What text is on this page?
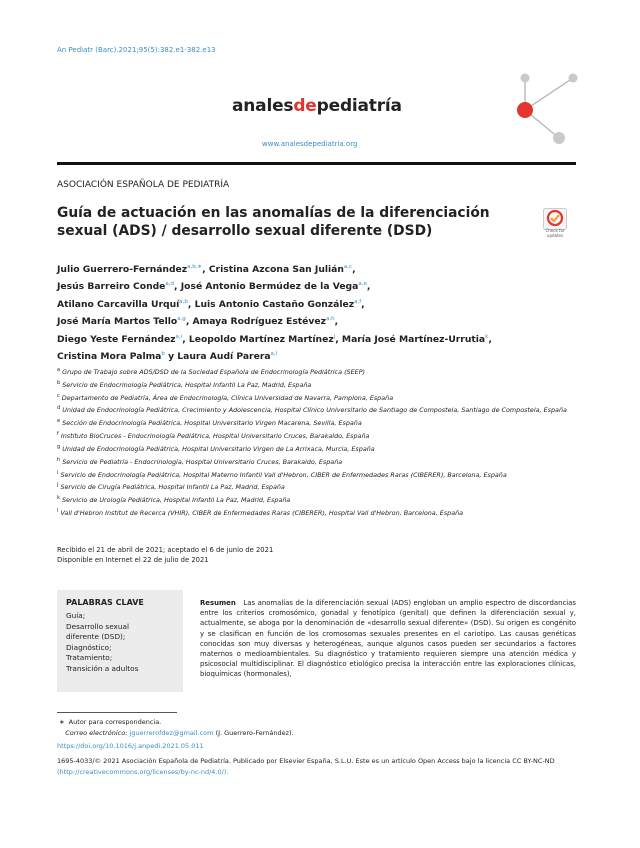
An Pediatr (Barc).2021;95(5):382.e1-382.e13
analesdepediatría
www.analesdepediatria.org
ASOCIACIÓN ESPAÑOLA DE PEDIATRÍA
Guía de actuación en las anomalías de la diferenciación sexual (ADS) / desarrollo sexual diferente (DSD)	Check for updates
Julio Guerrero-Fernández$^{a,b,∗}$, Cristina Azcona San Julián$^{a,c}$,
Jesús Barreiro Conde$^{a,d}$, José Antonio Bermúdez de la Vega$^{a,e}$,
Atilano Carcavilla Urquí$^{a,b}$, Luis Antonio Castaño González$^{a,f}$,
José María Martos Tello$^{a,g}$, Amaya Rodríguez Estévez$^{a,h}$,
Diego Yeste Fernández$^{a,i}$, Leopoldo Martínez Martínez$^j$, María José Martínez-Urrutia$^k$,
Cristina Mora Palma$^b$ y Laura Audí Parera$^{a,l}$
$^a$ Grupo de Trabajo sobre ADS/DSD de la Sociedad Española de Endocrinología Pediátrica (SEEP)
$^b$ Servicio de Endocrinología Pediátrica, Hospital Infantil La Paz, Madrid, España
$^c$ Departamento de Pediatría, Área de Endocrinología, Clínica Universidad de Navarra, Pamplona, España
$^d$ Unidad de Endocrinología Pediátrica, Crecimiento y Adolescencia, Hospital Clínico Universitario de Santiago de Compostela, Santiago de Compostela, España
$^e$ Sección de Endocrinología Pediátrica, Hospital Universitario Virgen Macarena, Sevilla, España
$^f$ Instituto BioCruces - Endocrinología Pediátrica, Hospital Universitario Cruces, Barakaldo, España
$^g$ Unidad de Endocrinología Pediátrica, Hospital Universitario Virgen de La Arrixaca, Murcia, España
$^h$ Servicio de Pediatría - Endocrinología, Hospital Universitario Cruces, Barakaldo, España
$^i$ Servicio de Endocrinología Pediátrica, Hospital Materno Infantil Vall d'Hebron, CIBER de Enfermedades Raras (CIBERER), Barcelona, España
$^j$ Servicio de Cirugía Pediátrica, Hospital Infantil La Paz, Madrid, España
$^k$ Servicio de Urología Pediátrica, Hospital Infantil La Paz, Madrid, España
$^l$ Vall d'Hebron Institut de Recerca (VHIR), CIBER de Enfermedades Raras (CIBERER), Hospital Vall d'Hebron, Barcelona, España
Recibido el 21 de abril de 2021; aceptado el 6 de junio de 2021
Disponible en Internet el 22 de julio de 2021
PALABRAS CLAVE
Guía;
Desarrollo sexual
diferente (DSD);
Diagnóstico;
Tratamiento;
Transición a adultos
Resumen Las anomalías de la diferenciación sexual (ADS) engloban un amplio espectro de discordancias entre los criterios cromosómico, gonadal y fenotípico (genital) que definen la diferenciación sexual y, actualmente, se aboga por la denominación de «desarrollo sexual diferente» (DSD). Su origen es congénito y se clasifican en función de los cromosomas sexuales presentes en el cariotipo. Las causas genéticas conocidas son muy diversas y heterogéneas, aunque algunos casos pueden ser secundarios a factores maternos o medioambientales. Su diagnóstico y tratamiento requieren siempre una atención médica y psicosocial multidisciplinar. El diagnóstico etiológico precisa la interacción entre las exploraciones clínicas, bioquímicas (hormonales),
∗ Autor para correspondencia.
Correo electrónico: jguerrerofdez@gmail.com (J. Guerrero-Fernández).
https://doi.org/10.1016/j.anpedi.2021.05.011
1695-4033/© 2021 Asociación Española de Pediatría. Publicado por Elsevier España, S.L.U. Este es un artículo Open Access bajo la licencia CC BY-NC-ND (http://creativecommons.org/licenses/by-nc-nd/4.0/).
